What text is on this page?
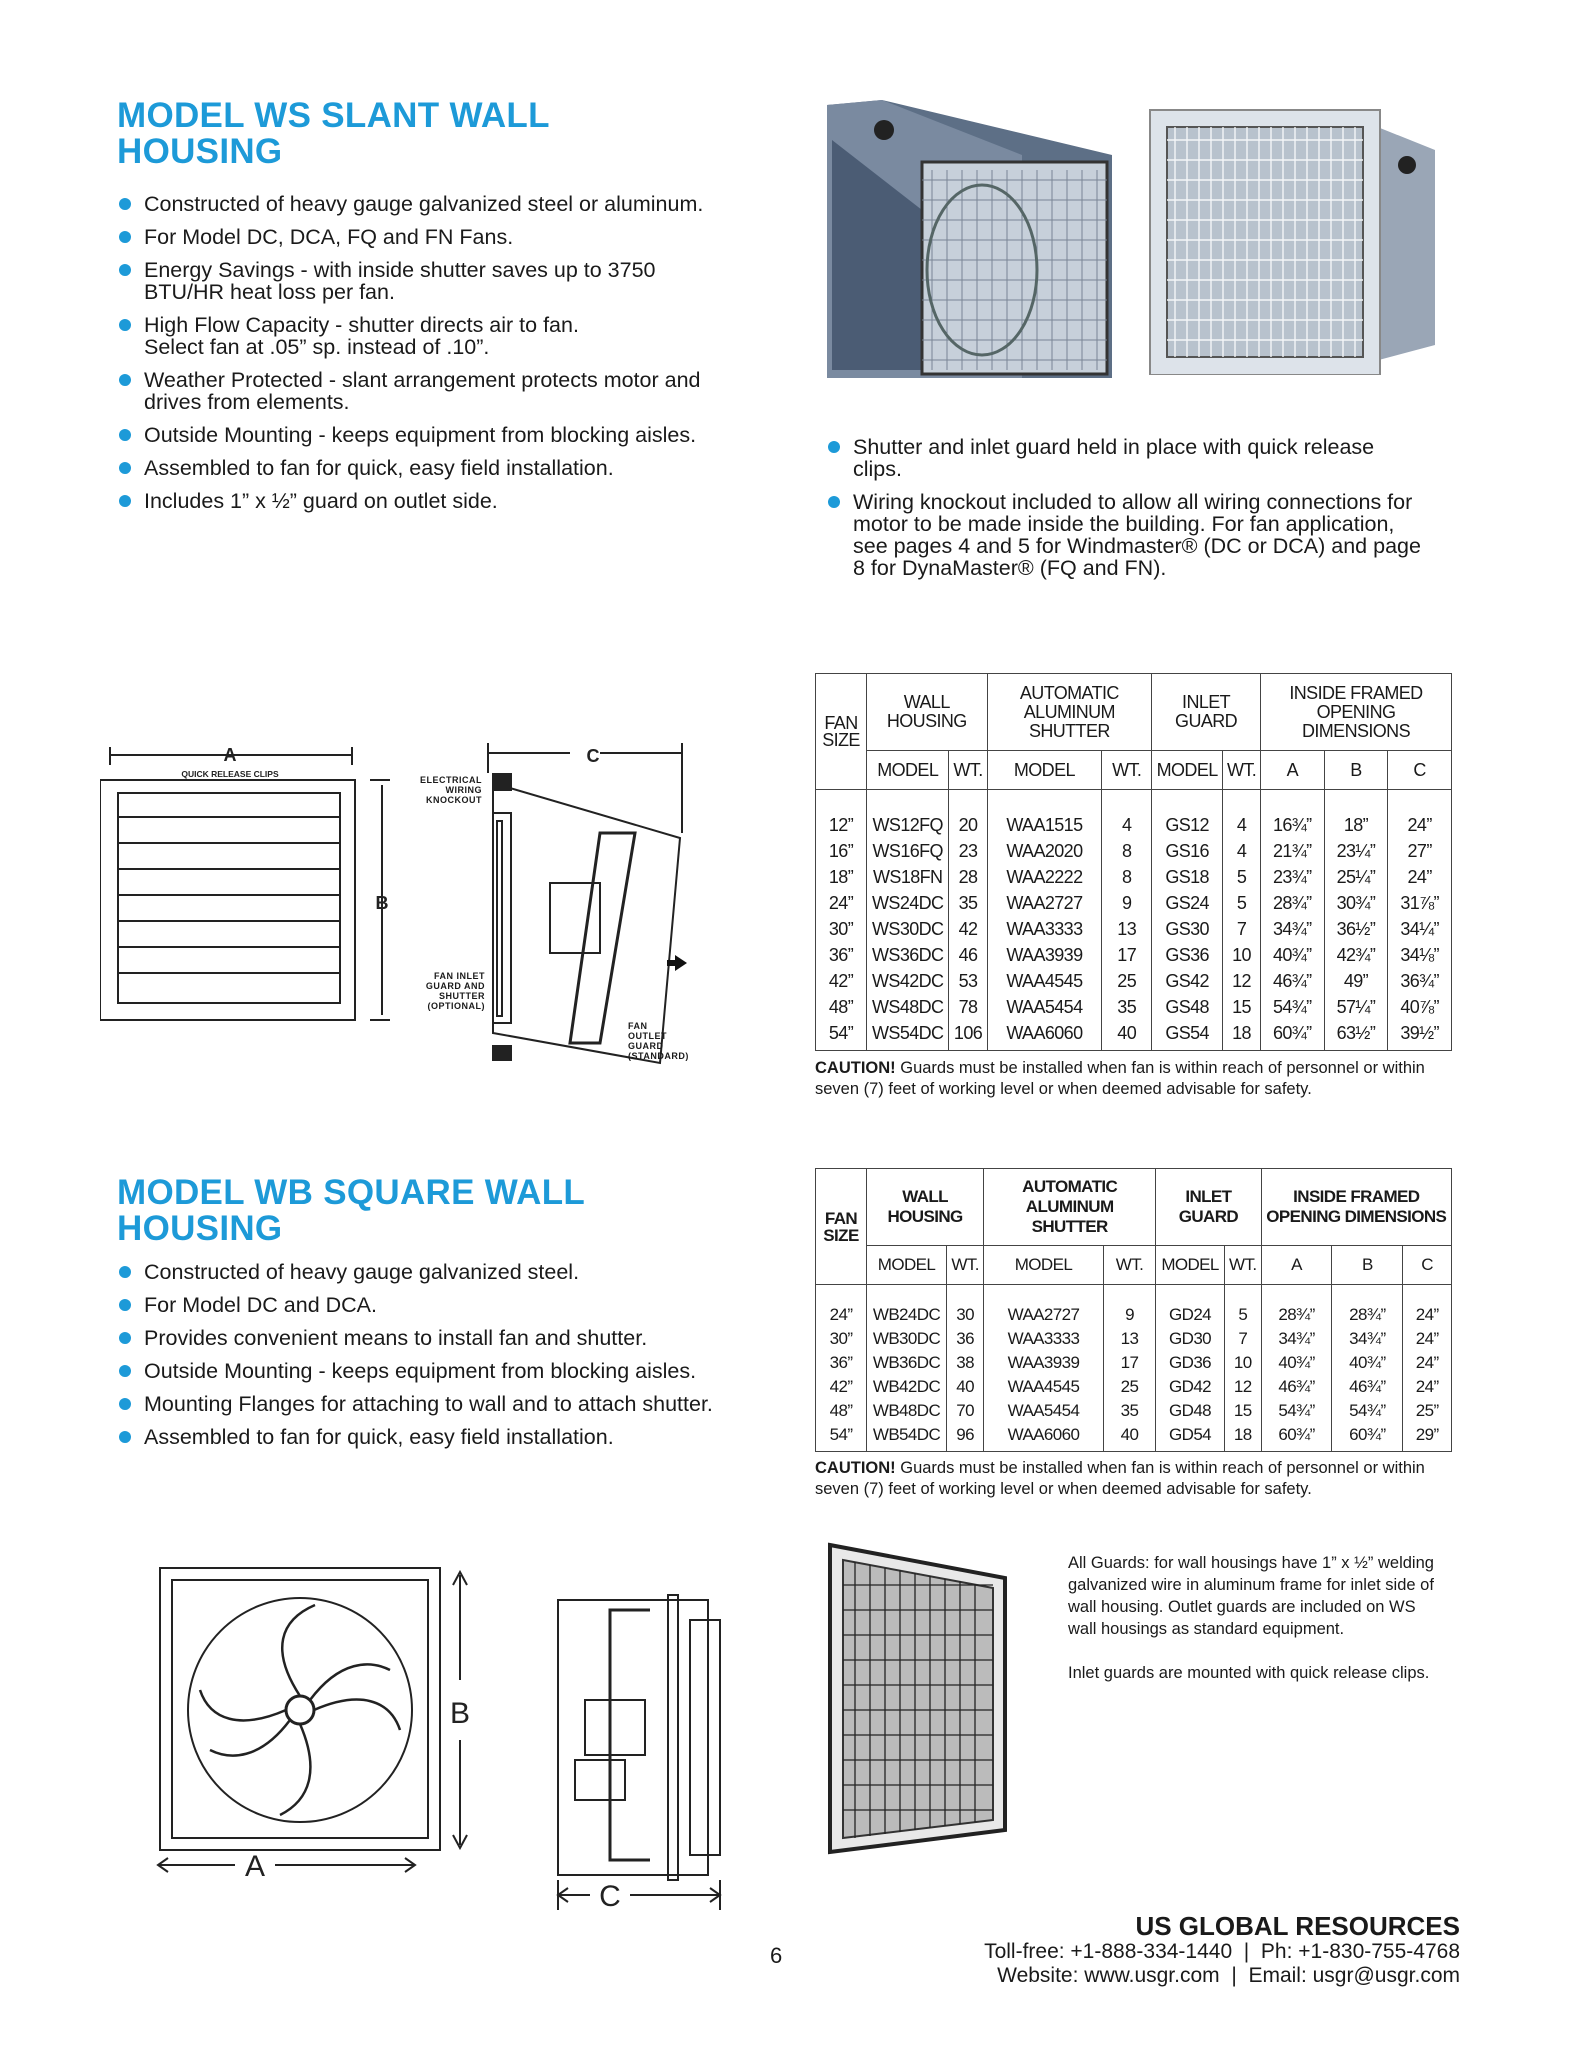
MODEL WS SLANT WALL
HOUSING
Constructed of heavy gauge galvanized steel or aluminum.
For Model DC, DCA, FQ and FN Fans.
Energy Savings - with inside shutter saves up to 3750
BTU/HR heat loss per fan.
High Flow Capacity - shutter directs air to fan.
Select fan at .05” sp. instead of .10”.
Weather Protected - slant arrangement protects motor and
drives from elements.
Outside Mounting - keeps equipment from blocking aisles.
Assembled to fan for quick, easy field installation.
Includes 1” x ½” guard on outlet side.
Shutter and inlet guard held in place with quick release
clips.
Wiring knockout included to allow all wiring connections for
motor to be made inside the building. For fan application,
see pages 4 and 5 for Windmaster® (DC or DCA) and page
8 for DynaMaster® (FQ and FN).
A
QUICK RELEASE CLIPS
B
C
ELECTRICAL
WIRING
KNOCKOUT
FAN INLET
GUARD AND
SHUTTER
(OPTIONAL)
FAN
OUTLET
GUARD
(STANDARD)
FAN SIZE	WALL HOUSING		AUTOMATIC ALUMINUM SHUTTER		INLET GUARD		INSIDE FRAMED OPENING DIMENSIONS		
	MODEL	WT.	MODEL	WT.	MODEL	WT.	A	B	C
12”	WS12FQ	20	WAA1515	4	GS12	4	16¾”	18”	24”
16”	WS16FQ	23	WAA2020	8	GS16	4	21¾”	23¼”	27”
18”	WS18FN	28	WAA2222	8	GS18	5	23¾”	25¼”	24”
24”	WS24DC	35	WAA2727	9	GS24	5	28¾”	30¾”	31⅞”
30”	WS30DC	42	WAA3333	13	GS30	7	34¾”	36½”	34¼”
36”	WS36DC	46	WAA3939	17	GS36	10	40¾”	42¾”	34⅛”
42”	WS42DC	53	WAA4545	25	GS42	12	46¾”	49”	36¾”
48”	WS48DC	78	WAA5454	35	GS48	15	54¾”	57¼”	40⅞”
54”	WS54DC	106	WAA6060	40	GS54	18	60¾”	63½”	39½”
CAUTION! Guards must be installed when fan is within reach of personnel or within seven (7) feet of working level or when deemed advisable for safety.
MODEL WB SQUARE WALL
HOUSING
Constructed of heavy gauge galvanized steel.
For Model DC and DCA.
Provides convenient means to install fan and shutter.
Outside Mounting - keeps equipment from blocking aisles.
Mounting Flanges for attaching to wall and to attach shutter.
Assembled to fan for quick, easy field installation.
FAN SIZE	WALL HOUSING		AUTOMATIC ALUMINUM SHUTTER		INLET GUARD		INSIDE FRAMED OPENING DIMENSIONS		
	MODEL	WT.	MODEL	WT.	MODEL	WT.	A	B	C
24”	WB24DC	30	WAA2727	9	GD24	5	28¾”	28¾”	24”
30”	WB30DC	36	WAA3333	13	GD30	7	34¾”	34¾”	24”
36”	WB36DC	38	WAA3939	17	GD36	10	40¾”	40¾”	24”
42”	WB42DC	40	WAA4545	25	GD42	12	46¾”	46¾”	24”
48”	WB48DC	70	WAA5454	35	GD48	15	54¾”	54¾”	25”
54”	WB54DC	96	WAA6060	40	GD54	18	60¾”	60¾”	29”
CAUTION! Guards must be installed when fan is within reach of personnel or within seven (7) feet of working level or when deemed advisable for safety.
B
A
C

All Guards: for wall housings have 1” x ½” welding galvanized wire in aluminum frame for inlet side of wall housing. Outlet guards are included on WS wall housings as standard equipment.

Inlet guards are mounted with quick release clips.

6
US GLOBAL RESOURCES
Toll-free: +1-888-334-1440  |  Ph: +1-830-755-4768
Website: www.usgr.com  |  Email: usgr@usgr.com
